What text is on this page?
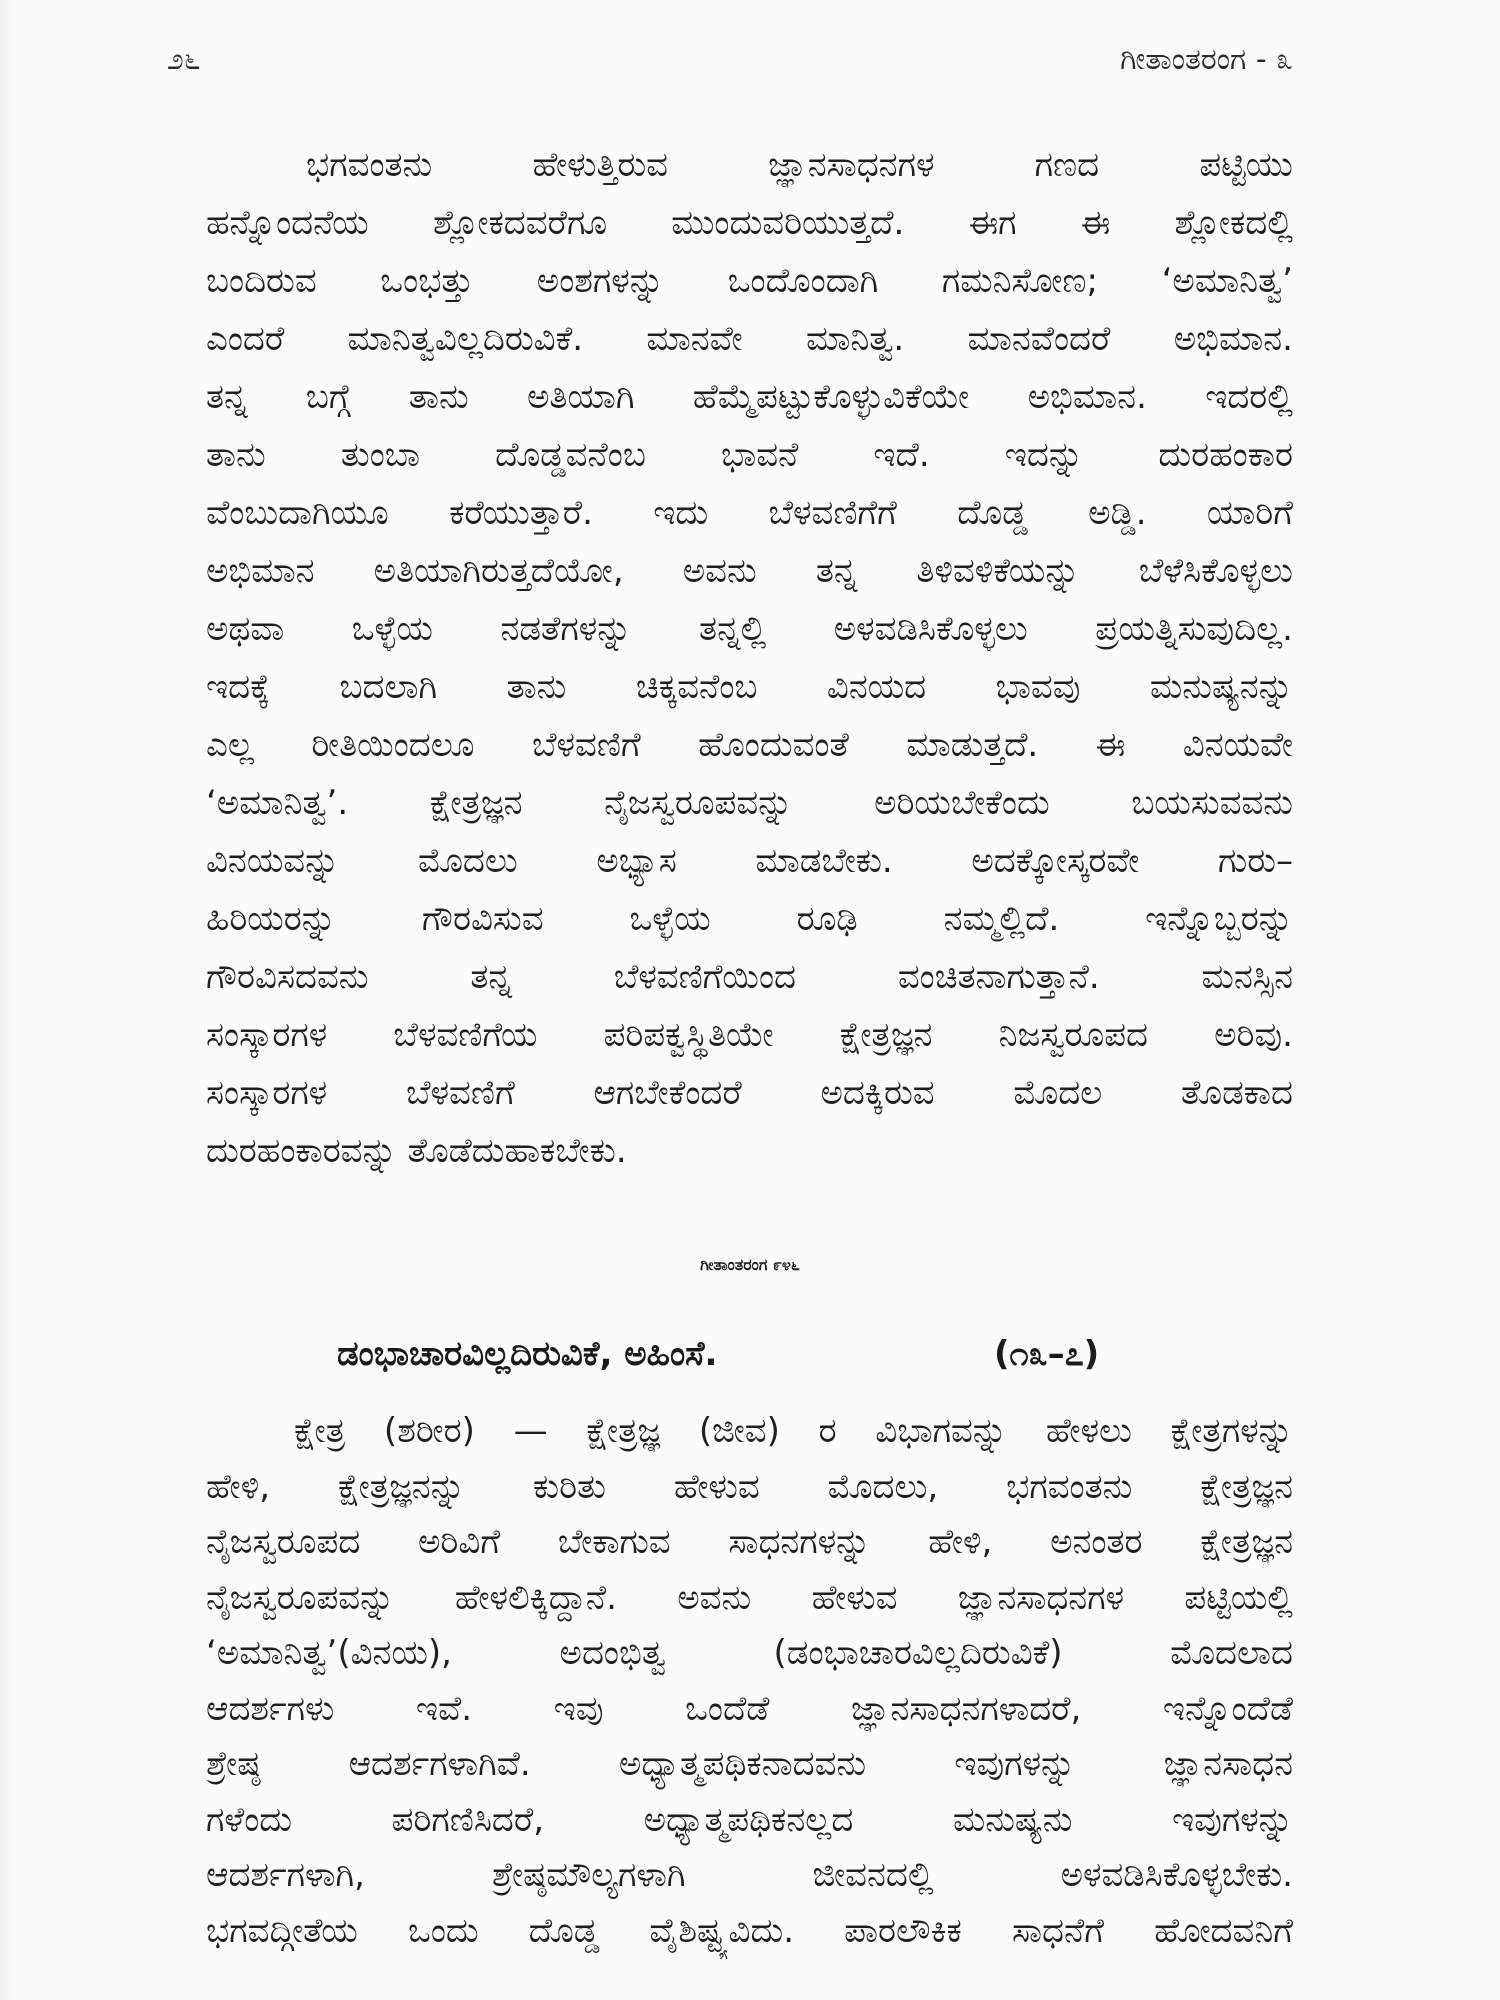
೨೬	ಗೀತಾಂತರಂಗ - ೩
ಭಗವಂತನು ಹೇಳುತ್ತಿರುವ ಜ್ಞಾನಸಾಧನಗಳ ಗಣದ ಪಟ್ಟಿಯು
ಹನ್ನೊಂದನೆಯ ಶ್ಲೋಕದವರೆಗೂ ಮುಂದುವರಿಯುತ್ತದೆ. ಈಗ ಈ ಶ್ಲೋಕದಲ್ಲಿ
ಬಂದಿರುವ ಒಂಭತ್ತು ಅಂಶಗಳನ್ನು ಒಂದೊಂದಾಗಿ ಗಮನಿಸೋಣ; ‘ಅಮಾನಿತ್ವ’
ಎಂದರೆ ಮಾನಿತ್ವವಿಲ್ಲದಿರುವಿಕೆ. ಮಾನವೇ ಮಾನಿತ್ವ. ಮಾನವೆಂದರೆ ಅಭಿಮಾನ.
ತನ್ನ ಬಗ್ಗೆ ತಾನು ಅತಿಯಾಗಿ ಹೆಮ್ಮೆಪಟ್ಟುಕೊಳ್ಳುವಿಕೆಯೇ ಅಭಿಮಾನ. ಇದರಲ್ಲಿ
ತಾನು ತುಂಬಾ ದೊಡ್ಡವನೆಂಬ ಭಾವನೆ ಇದೆ. ಇದನ್ನು ದುರಹಂಕಾರ
ವೆಂಬುದಾಗಿಯೂ ಕರೆಯುತ್ತಾರೆ. ಇದು ಬೆಳವಣಿಗೆಗೆ ದೊಡ್ಡ ಅಡ್ಡಿ. ಯಾರಿಗೆ
ಅಭಿಮಾನ ಅತಿಯಾಗಿರುತ್ತದೆಯೋ, ಅವನು ತನ್ನ ತಿಳಿವಳಿಕೆಯನ್ನು ಬೆಳೆಸಿಕೊಳ್ಳಲು
ಅಥವಾ ಒಳ್ಳೆಯ ನಡತೆಗಳನ್ನು ತನ್ನಲ್ಲಿ ಅಳವಡಿಸಿಕೊಳ್ಳಲು ಪ್ರಯತ್ನಿಸುವುದಿಲ್ಲ.
ಇದಕ್ಕೆ ಬದಲಾಗಿ ತಾನು ಚಿಕ್ಕವನೆಂಬ ವಿನಯದ ಭಾವವು ಮನುಷ್ಯನನ್ನು
ಎಲ್ಲ ರೀತಿಯಿಂದಲೂ ಬೆಳವಣಿಗೆ ಹೊಂದುವಂತೆ ಮಾಡುತ್ತದೆ. ಈ ವಿನಯವೇ
‘ಅಮಾನಿತ್ವ’. ಕ್ಷೇತ್ರಜ್ಞನ ನೈಜಸ್ವರೂಪವನ್ನು ಅರಿಯಬೇಕೆಂದು ಬಯಸುವವನು
ವಿನಯವನ್ನು ಮೊದಲು ಅಭ್ಯಾಸ ಮಾಡಬೇಕು. ಅದಕ್ಕೋಸ್ಕರವೇ ಗುರು–
ಹಿರಿಯರನ್ನು ಗೌರವಿಸುವ ಒಳ್ಳೆಯ ರೂಢಿ ನಮ್ಮಲ್ಲಿದೆ. ಇನ್ನೊಬ್ಬರನ್ನು
ಗೌರವಿಸದವನು ತನ್ನ ಬೆಳವಣಿಗೆಯಿಂದ ವಂಚಿತನಾಗುತ್ತಾನೆ. ಮನಸ್ಸಿನ
ಸಂಸ್ಕಾರಗಳ ಬೆಳವಣಿಗೆಯ ಪರಿಪಕ್ವಸ್ಥಿತಿಯೇ ಕ್ಷೇತ್ರಜ್ಞನ ನಿಜಸ್ವರೂಪದ ಅರಿವು.
ಸಂಸ್ಕಾರಗಳ ಬೆಳವಣಿಗೆ ಆಗಬೇಕೆಂದರೆ ಅದಕ್ಕಿರುವ ಮೊದಲ ತೊಡಕಾದ
ದುರಹಂಕಾರವನ್ನು ತೊಡೆದುಹಾಕಬೇಕು.
ಗೀತಾಂತರಂಗ ೯೪೬
ಡಂಭಾಚಾರವಿಲ್ಲದಿರುವಿಕೆ, ಅಹಿಂಸೆ.	(೧೩–೭)
ಕ್ಷೇತ್ರ (ಶರೀರ) — ಕ್ಷೇತ್ರಜ್ಞ (ಜೀವ) ರ ವಿಭಾಗವನ್ನು ಹೇಳಲು ಕ್ಷೇತ್ರಗಳನ್ನು
ಹೇಳಿ, ಕ್ಷೇತ್ರಜ್ಞನನ್ನು ಕುರಿತು ಹೇಳುವ ಮೊದಲು, ಭಗವಂತನು ಕ್ಷೇತ್ರಜ್ಞನ
ನೈಜಸ್ವರೂಪದ ಅರಿವಿಗೆ ಬೇಕಾಗುವ ಸಾಧನಗಳನ್ನು ಹೇಳಿ, ಅನಂತರ ಕ್ಷೇತ್ರಜ್ಞನ
ನೈಜಸ್ವರೂಪವನ್ನು ಹೇಳಲಿಕ್ಕಿದ್ದಾನೆ. ಅವನು ಹೇಳುವ ಜ್ಞಾನಸಾಧನಗಳ ಪಟ್ಟಿಯಲ್ಲಿ
‘ಅಮಾನಿತ್ವ’(ವಿನಯ), ಅದಂಭಿತ್ವ (ಡಂಭಾಚಾರವಿಲ್ಲದಿರುವಿಕೆ) ಮೊದಲಾದ
ಆದರ್ಶಗಳು ಇವೆ. ಇವು ಒಂದೆಡೆ ಜ್ಞಾನಸಾಧನಗಳಾದರೆ, ಇನ್ನೊಂದೆಡೆ
ಶ್ರೇಷ್ಠ ಆದರ್ಶಗಳಾಗಿವೆ. ಅಧ್ಯಾತ್ಮಪಥಿಕನಾದವನು ಇವುಗಳನ್ನು ಜ್ಞಾನಸಾಧನ
ಗಳೆಂದು ಪರಿಗಣಿಸಿದರೆ, ಅಧ್ಯಾತ್ಮಪಥಿಕನಲ್ಲದ ಮನುಷ್ಯನು ಇವುಗಳನ್ನು
ಆದರ್ಶಗಳಾಗಿ, ಶ್ರೇಷ್ಠಮೌಲ್ಯಗಳಾಗಿ ಜೀವನದಲ್ಲಿ ಅಳವಡಿಸಿಕೊಳ್ಳಬೇಕು.
ಭಗವದ್ಗೀತೆಯ ಒಂದು ದೊಡ್ಡ ವೈಶಿಷ್ಟ್ಯವಿದು. ಪಾರಲೌಕಿಕ ಸಾಧನೆಗೆ ಹೋದವನಿಗೆ
